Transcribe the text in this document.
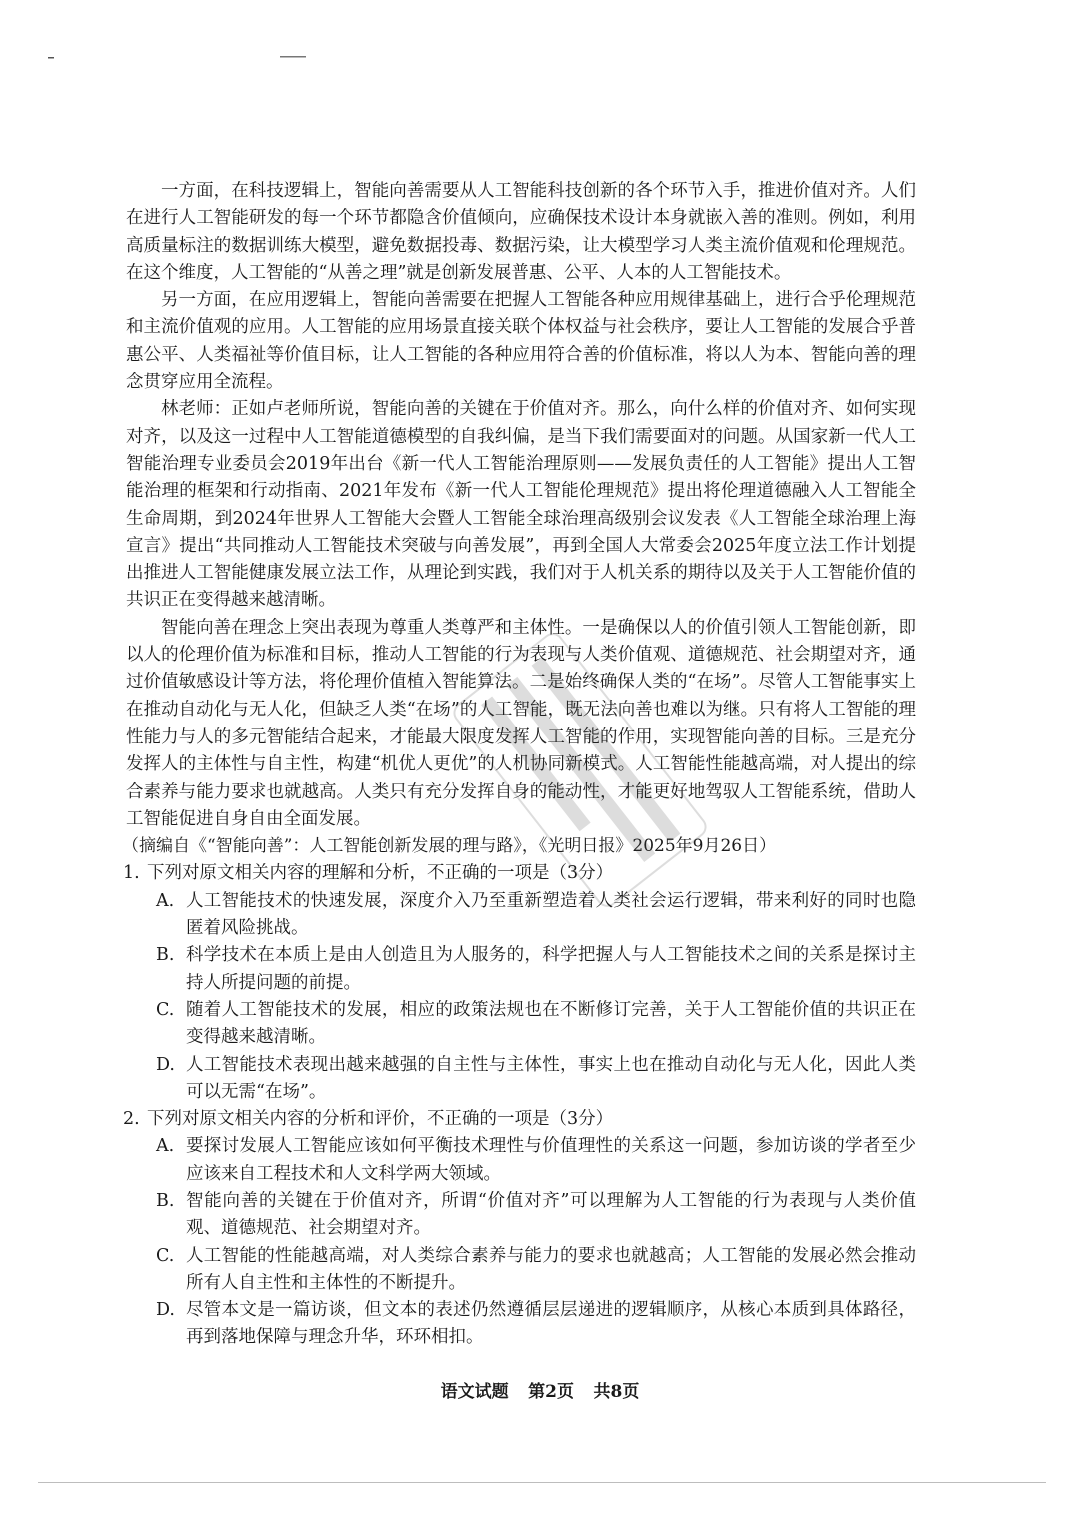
一方面，在科技逻辑上，智能向善需要从人工智能科技创新的各个环节入手，推进价值对齐。人们在进行人工智能研发的每一个环节都隐含价值倾向，应确保技术设计本身就嵌入善的准则。例如，利用高质量标注的数据训练大模型，避免数据投毒、数据污染，让大模型学习人类主流价值观和伦理规范。在这个维度，人工智能的“从善之理”就是创新发展普惠、公平、人本的人工智能技术。

另一方面，在应用逻辑上，智能向善需要在把握人工智能各种应用规律基础上，进行合乎伦理规范和主流价值观的应用。人工智能的应用场景直接关联个体权益与社会秩序，要让人工智能的发展合乎普惠公平、人类福祉等价值目标，让人工智能的各种应用符合善的价值标准，将以人为本、智能向善的理念贯穿应用全流程。

林老师：正如卢老师所说，智能向善的关键在于价值对齐。那么，向什么样的价值对齐、如何实现对齐，以及这一过程中人工智能道德模型的自我纠偏，是当下我们需要面对的问题。从国家新一代人工智能治理专业委员会2019年出台《新一代人工智能治理原则——发展负责任的人工智能》提出人工智能治理的框架和行动指南、2021年发布《新一代人工智能伦理规范》提出将伦理道德融入人工智能全生命周期，到2024年世界人工智能大会暨人工智能全球治理高级别会议发表《人工智能全球治理上海宣言》提出“共同推动人工智能技术突破与向善发展”，再到全国人大常委会2025年度立法工作计划提出推进人工智能健康发展立法工作，从理论到实践，我们对于人机关系的期待以及关于人工智能价值的共识正在变得越来越清晰。

智能向善在理念上突出表现为尊重人类尊严和主体性。一是确保以人的价值引领人工智能创新，即以人的伦理价值为标准和目标，推动人工智能的行为表现与人类价值观、道德规范、社会期望对齐，通过价值敏感设计等方法，将伦理价值植入智能算法。二是始终确保人类的“在场”。尽管人工智能事实上在推动自动化与无人化，但缺乏人类“在场”的人工智能，既无法向善也难以为继。只有将人工智能的理性能力与人的多元智能结合起来，才能最大限度发挥人工智能的作用，实现智能向善的目标。三是充分发挥人的主体性与自主性，构建“机优人更优”的人机协同新模式。人工智能性能越高端，对人提出的综合素养与能力要求也就越高。人类只有充分发挥自身的能动性，才能更好地驾驭人工智能系统，借助人工智能促进自身自由全面发展。

（摘编自《“智能向善”：人工智能创新发展的理与路》，《光明日报》2025年9月26日）

1. 下列对原文相关内容的理解和分析，不正确的一项是（3分）
A. 人工智能技术的快速发展，深度介入乃至重新塑造着人类社会运行逻辑，带来利好的同时也隐匿着风险挑战。
B. 科学技术在本质上是由人创造且为人服务的，科学把握人与人工智能技术之间的关系是探讨主持人所提问题的前提。
C. 随着人工智能技术的发展，相应的政策法规也在不断修订完善，关于人工智能价值的共识正在变得越来越清晰。
D. 人工智能技术表现出越来越强的自主性与主体性，事实上也在推动自动化与无人化，因此人类可以无需“在场”。
2. 下列对原文相关内容的分析和评价，不正确的一项是（3分）
A. 要探讨发展人工智能应该如何平衡技术理性与价值理性的关系这一问题，参加访谈的学者至少应该来自工程技术和人文科学两大领域。
B. 智能向善的关键在于价值对齐，所谓“价值对齐”可以理解为人工智能的行为表现与人类价值观、道德规范、社会期望对齐。
C. 人工智能的性能越高端，对人类综合素养与能力的要求也就越高；人工智能的发展必然会推动所有人自主性和主体性的不断提升。
D. 尽管本文是一篇访谈，但文本的表述仍然遵循层层递进的逻辑顺序，从核心本质到具体路径，再到落地保障与理念升华，环环相扣。
语文试题 第2页 共8页
